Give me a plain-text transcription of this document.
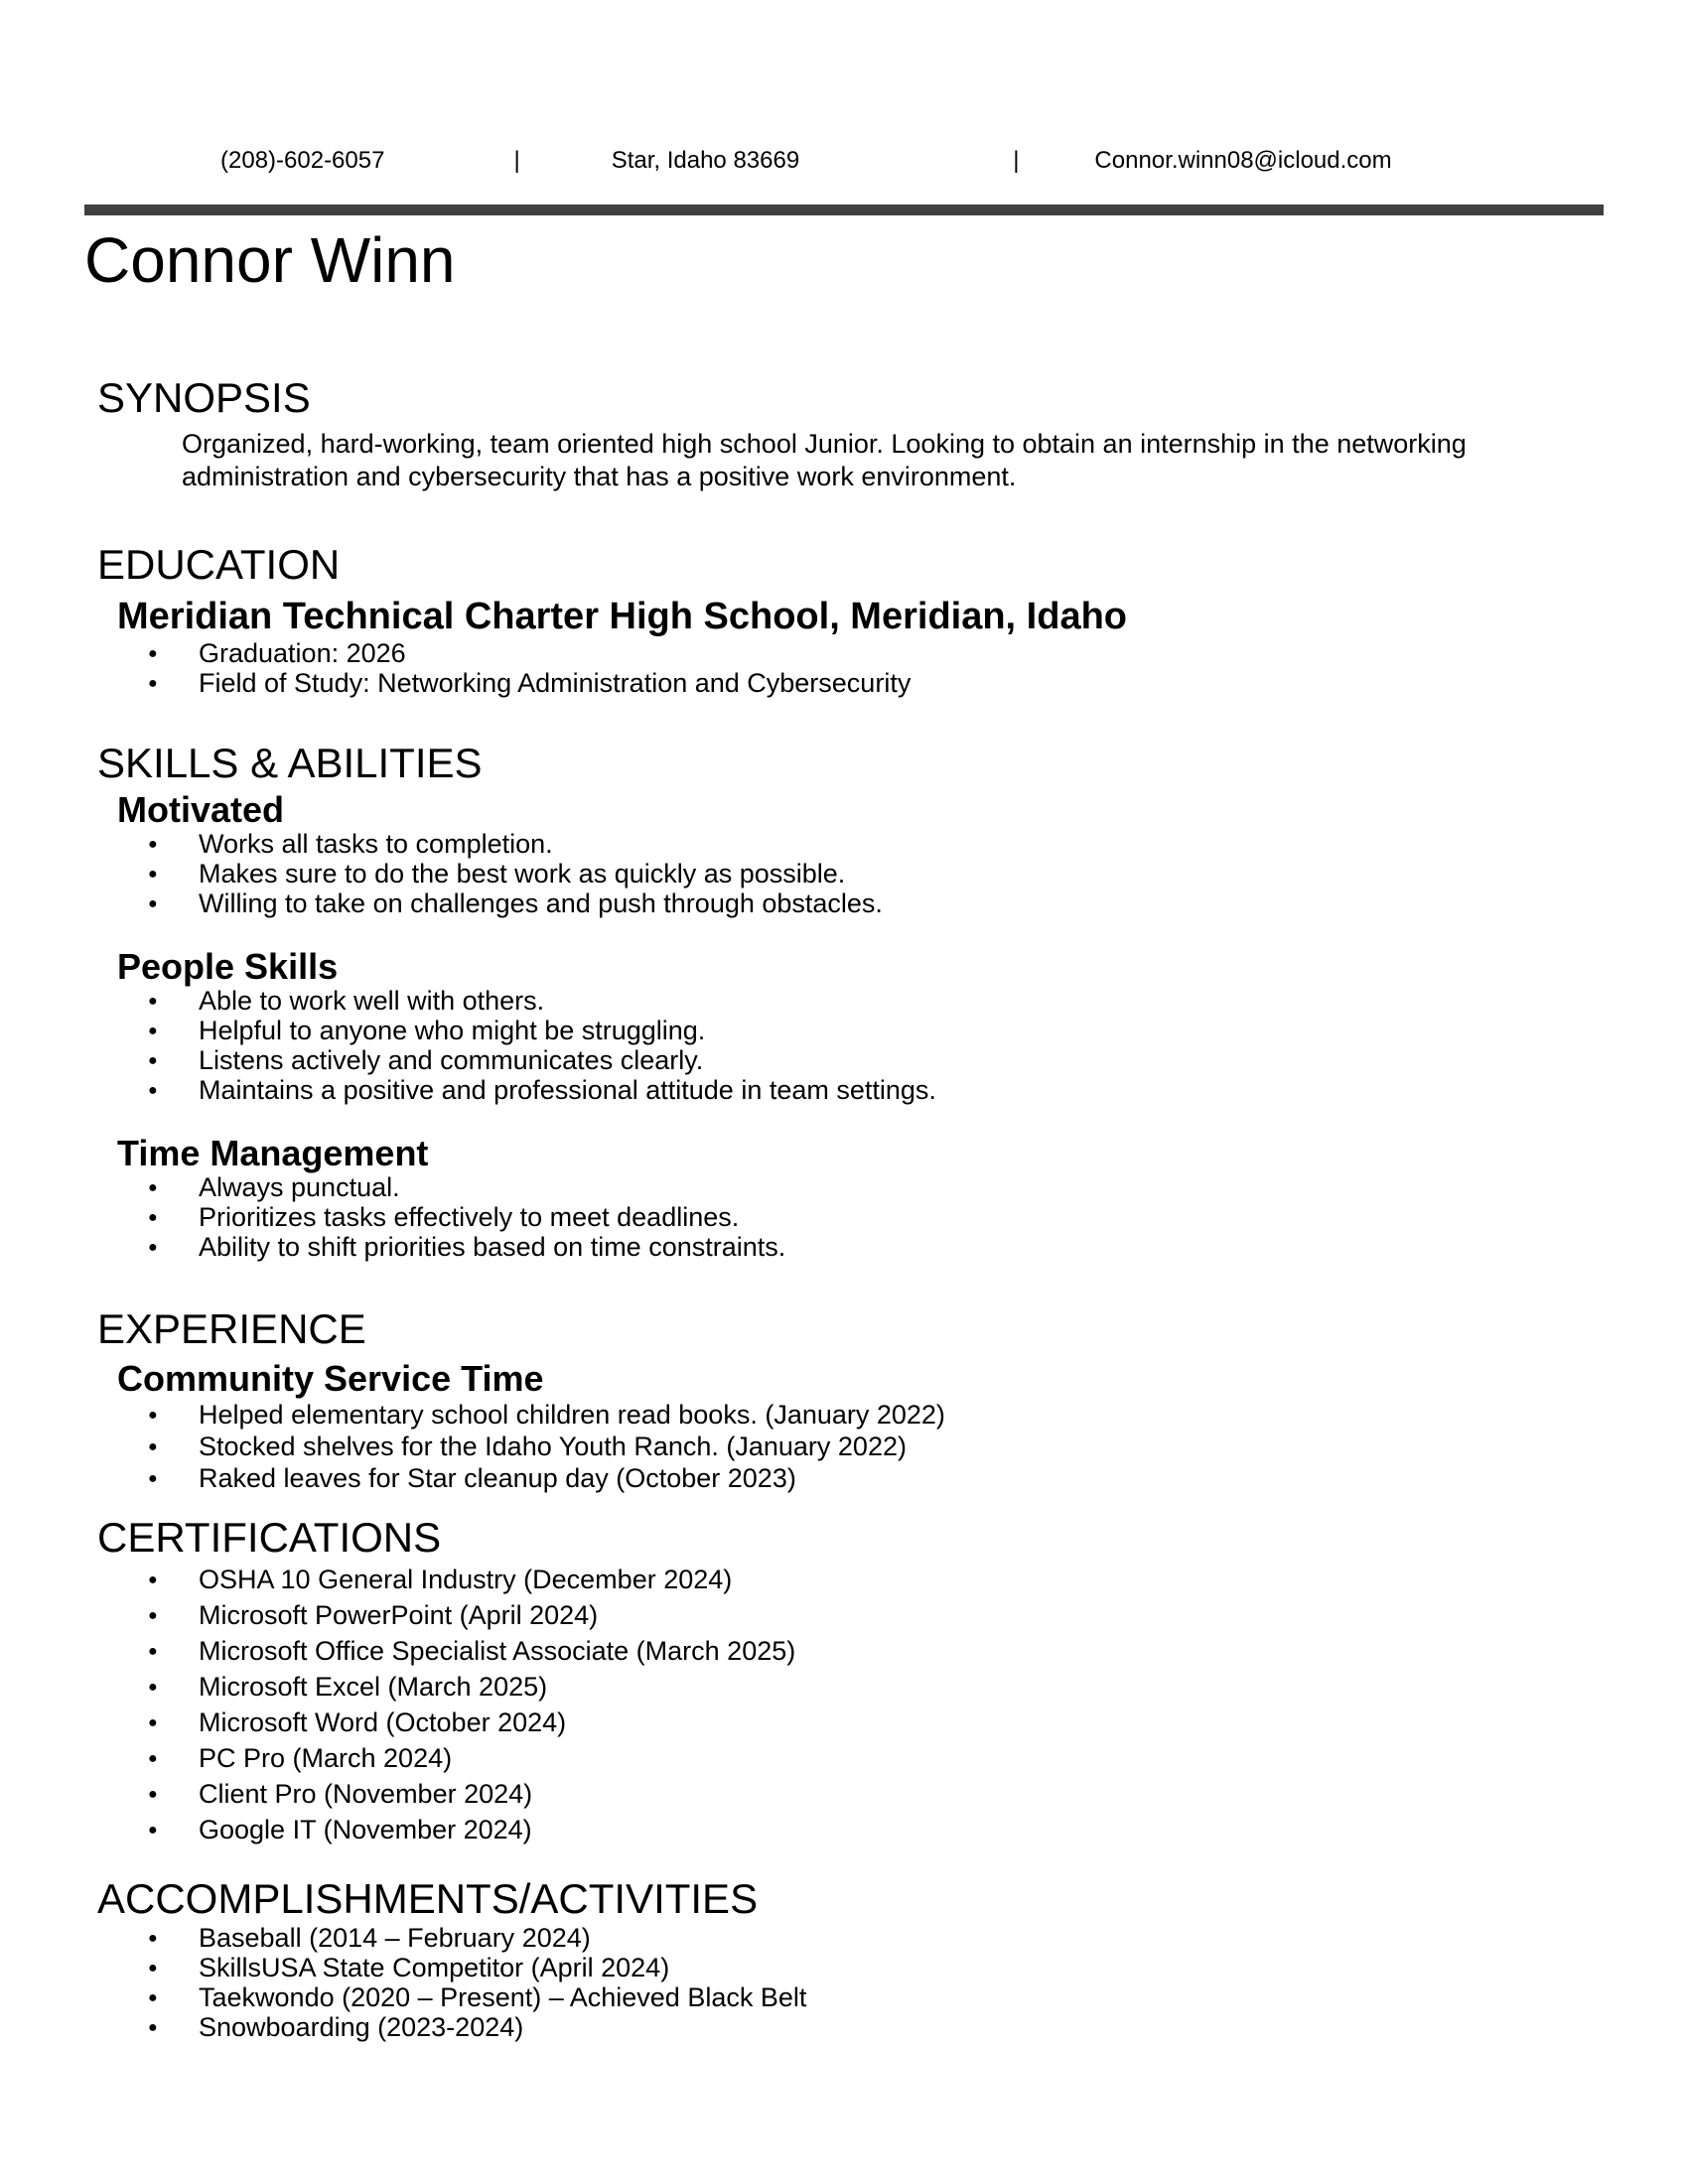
(208)-602-6057	|	Star, Idaho 83669	|	Connor.winn08@icloud.com
Connor Winn
SYNOPSIS
Organized, hard-working, team oriented high school Junior. Looking to obtain an internship in the networking administration and cybersecurity that has a positive work environment.
EDUCATION
Meridian Technical Charter High School, Meridian, Idaho
● Graduation: 2026
● Field of Study: Networking Administration and Cybersecurity
SKILLS & ABILITIES
Motivated
● Works all tasks to completion.
● Makes sure to do the best work as quickly as possible.
● Willing to take on challenges and push through obstacles.
People Skills
● Able to work well with others.
● Helpful to anyone who might be struggling.
● Listens actively and communicates clearly.
● Maintains a positive and professional attitude in team settings.
Time Management
● Always punctual.
● Prioritizes tasks effectively to meet deadlines.
● Ability to shift priorities based on time constraints.
EXPERIENCE
Community Service Time
● Helped elementary school children read books. (January 2022)
● Stocked shelves for the Idaho Youth Ranch. (January 2022)
● Raked leaves for Star cleanup day (October 2023)
CERTIFICATIONS
● OSHA 10 General Industry (December 2024)
● Microsoft PowerPoint (April 2024)
● Microsoft Office Specialist Associate (March 2025)
● Microsoft Excel (March 2025)
● Microsoft Word (October 2024)
● PC Pro (March 2024)
● Client Pro (November 2024)
● Google IT (November 2024)
ACCOMPLISHMENTS/ACTIVITIES
● Baseball (2014 – February 2024)
● SkillsUSA State Competitor (April 2024)
● Taekwondo (2020 – Present) – Achieved Black Belt
● Snowboarding (2023-2024)
